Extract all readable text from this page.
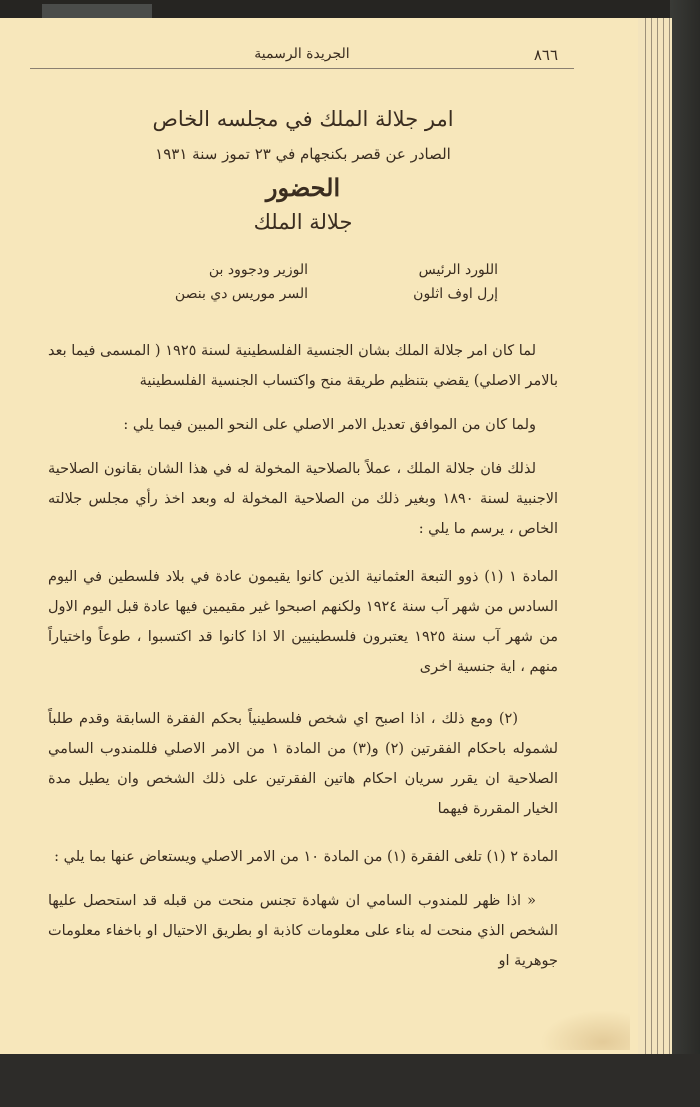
٨٦٦
الجريدة الرسمية
امر جلالة الملك في مجلسه الخاص
الصادر عن قصر بكنجهام في ٢٣ تموز سنة ١٩٣١
الحضور
جلالة الملك
اللورد الرئيس
الوزير ودجوود بن
إرل اوف اثلون
السر موريس دي بنصن

لما كان امر جلالة الملك بشان الجنسية الفلسطينية لسنة ١٩٢٥ ( المسمى فيما بعد بالامر الاصلي) يقضي بتنظيم طريقة منح واكتساب الجنسية الفلسطينية

ولما كان من الموافق تعديل الامر الاصلي على النحو المبين فيما يلي :

لذلك فان جلالة الملك ، عملاً بالصلاحية المخولة له في هذا الشان بقانون الصلاحية الاجنبية لسنة ١٨٩٠ وبغير ذلك من الصلاحية المخولة له وبعد اخذ رأي مجلس جلالته الخاص ، يرسم ما يلي :

المادة ١ (١) ذوو التبعة العثمانية الذين كانوا يقيمون عادة في بلاد فلسطين في اليوم السادس من شهر آب سنة ١٩٢٤ ولكنهم اصبحوا غير مقيمين فيها عادة قبل اليوم الاول من شهر آب سنة ١٩٢٥ يعتبرون فلسطينيين الا اذا كانوا قد اكتسبوا ، طوعاً واختياراً منهم ، اية جنسية اخرى

(٢) ومع ذلك ، اذا اصبح اي شخص فلسطينياً بحكم الفقرة السابقة وقدم طلباً لشموله باحكام الفقرتين (٢) و(٣) من المادة ١ من الامر الاصلي فللمندوب السامي الصلاحية ان يقرر سريان احكام هاتين الفقرتين على ذلك الشخص وان يطيل مدة الخيار المقررة فيهما

المادة ٢ (١) تلغى الفقرة (١) من المادة ١٠ من الامر الاصلي ويستعاض عنها بما يلي :

« اذا ظهر للمندوب السامي ان شهادة تجنس منحت من قبله قد استحصل عليها الشخص الذي منحت له بناء على معلومات كاذبة او بطريق الاحتيال او باخفاء معلومات جوهرية او
